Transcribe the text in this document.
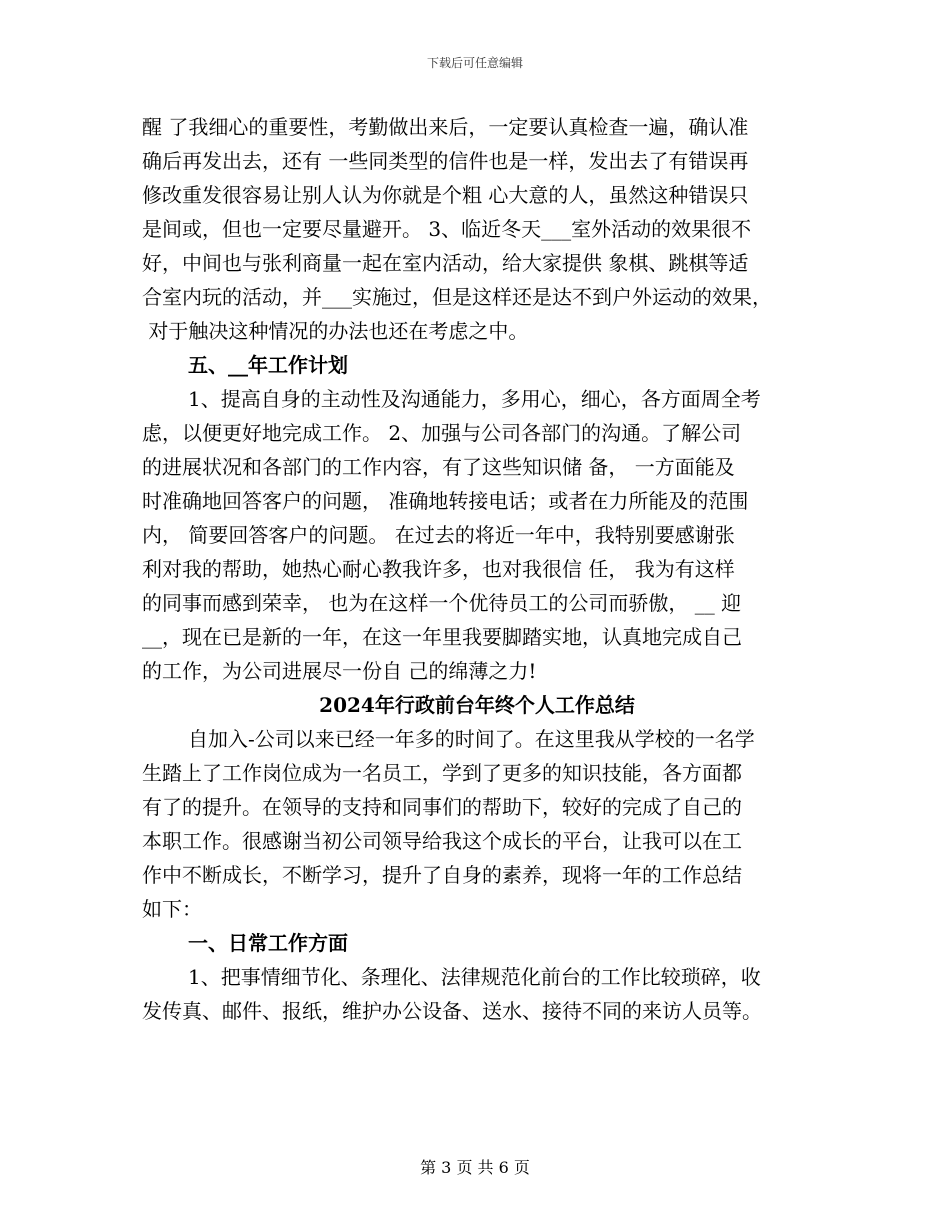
下载后可任意编辑
醒 了我细心的重要性，考勤做出来后，一定要认真检查一遍，确认准
确后再发出去，还有 一些同类型的信件也是一样，发出去了有错误再
修改重发很容易让别人认为你就是个粗 心大意的人，虽然这种错误只
是间或，但也一定要尽量避开。 3、临近冬天___室外活动的效果很不
好，中间也与张利商量一起在室内活动，给大家提供 象棋、跳棋等适
合室内玩的活动，并___实施过，但是这样还是达不到户外运动的效果，
对于触决这种情况的办法也还在考虑之中。
五、__年工作计划
1、提高自身的主动性及沟通能力，多用心，细心，各方面周全考
虑，以便更好地完成工作。 2、加强与公司各部门的沟通。了解公司
的进展状况和各部门的工作内容，有了这些知识储 备， 一方面能及
时准确地回答客户的问题， 准确地转接电话；或者在力所能及的范围
内， 简要回答客户的问题。 在过去的将近一年中，我特别要感谢张
利对我的帮助，她热心耐心教我许多，也对我很信 任， 我为有这样
的同事而感到荣幸， 也为在这样一个优待员工的公司而骄傲， __ 迎
__，现在已是新的一年，在这一年里我要脚踏实地，认真地完成自己
的工作，为公司进展尽一份自 己的绵薄之力!
2024年行政前台年终个人工作总结
自加入-公司以来已经一年多的时间了。在这里我从学校的一名学
生踏上了工作岗位成为一名员工，学到了更多的知识技能，各方面都
有了的提升。在领导的支持和同事们的帮助下，较好的完成了自己的
本职工作。很感谢当初公司领导给我这个成长的平台，让我可以在工
作中不断成长，不断学习，提升了自身的素养，现将一年的工作总结
如下：
一、日常工作方面
1、把事情细节化、条理化、法律规范化前台的工作比较琐碎，收
发传真、邮件、报纸，维护办公设备、送水、接待不同的来访人员等。
第 3 页 共 6 页
